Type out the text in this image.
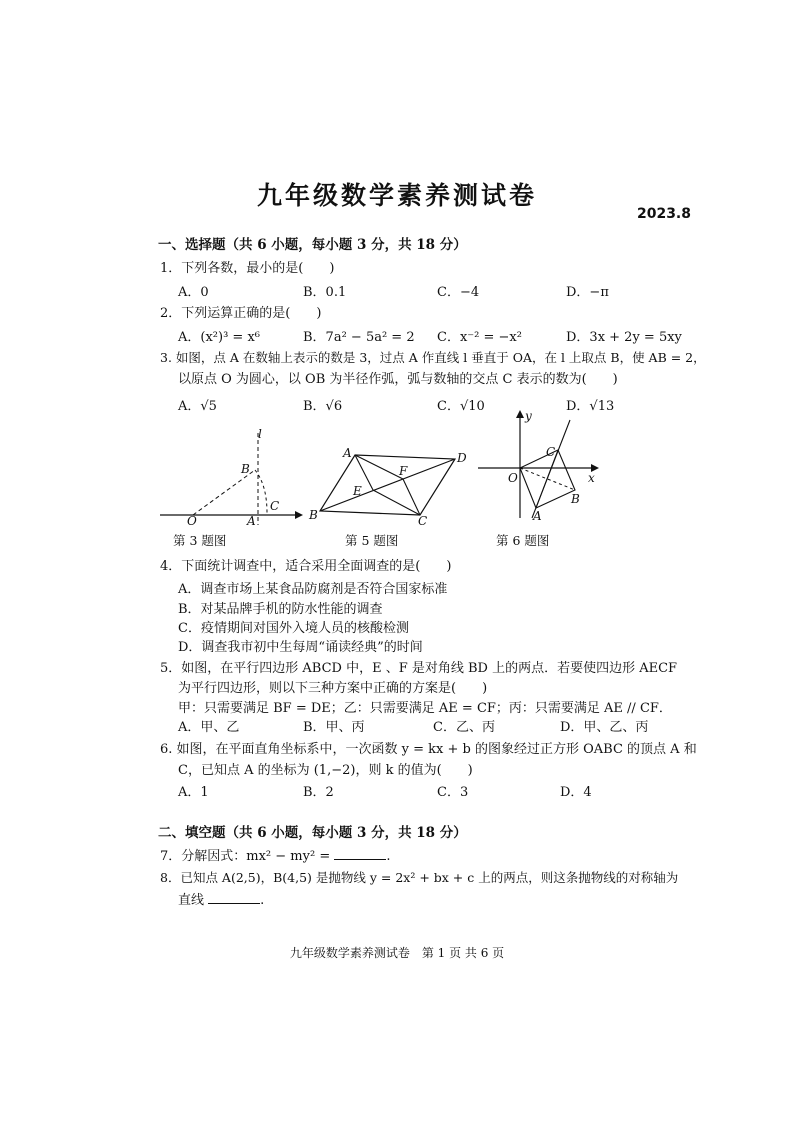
九年级数学素养测试卷
2023.8
一、选择题（共 6 小题，每小题 3 分，共 18 分）
1．下列各数，最小的是(　　)
A．0	B．0.1	C．−4	D．−π
2．下列运算正确的是(　　)
A．(x²)³ = x⁶	B．7a² − 5a² = 2 C．x⁻² = −x²	D．3x + 2y = 5xy
3. 如图，点 A 在数轴上表示的数是 3，过点 A 作直线 l 垂直于 OA，在 l 上取点 B，使 AB = 2，
以原点 O 为圆心，以 OB 为半径作弧，弧与数轴的交点 C 表示的数为(　　)
A．√5	B．√6	C．√10	D．√13
l
B
C
O	A
第 3 题图
A	D
F
E
B	C
第 5 题图
y
x
O
C
A
B
第 6 题图
4．下面统计调查中，适合采用全面调查的是(　　)
A．调查市场上某食品防腐剂是否符合国家标准
B．对某品牌手机的防水性能的调查
C．疫情期间对国外入境人员的核酸检测
D．调查我市初中生每周“诵读经典”的时间
5．如图，在平行四边形 ABCD 中，E 、F 是对角线 BD 上的两点．若要使四边形 AECF
为平行四边形，则以下三种方案中正确的方案是(　　)
甲：只需要满足 BF = DE；乙：只需要满足 AE = CF；丙：只需要满足 AE // CF．
A．甲、乙	B．甲、丙	C．乙、丙	D．甲、乙、丙
6. 如图，在平面直角坐标系中，一次函数 y = kx + b 的图象经过正方形 OABC 的顶点 A 和
C，已知点 A 的坐标为 (1,−2)，则 k 的值为(　　)
A．1	B．2	C．3	D．4
二、填空题（共 6 小题，每小题 3 分，共 18 分）
7．分解因式：mx² − my² =	.
8．已知点 A(2,5)，B(4,5) 是抛物线 y = 2x² + bx + c 上的两点，则这条抛物线的对称轴为
直线	.
九年级数学素养测试卷　第 1 页 共 6 页
